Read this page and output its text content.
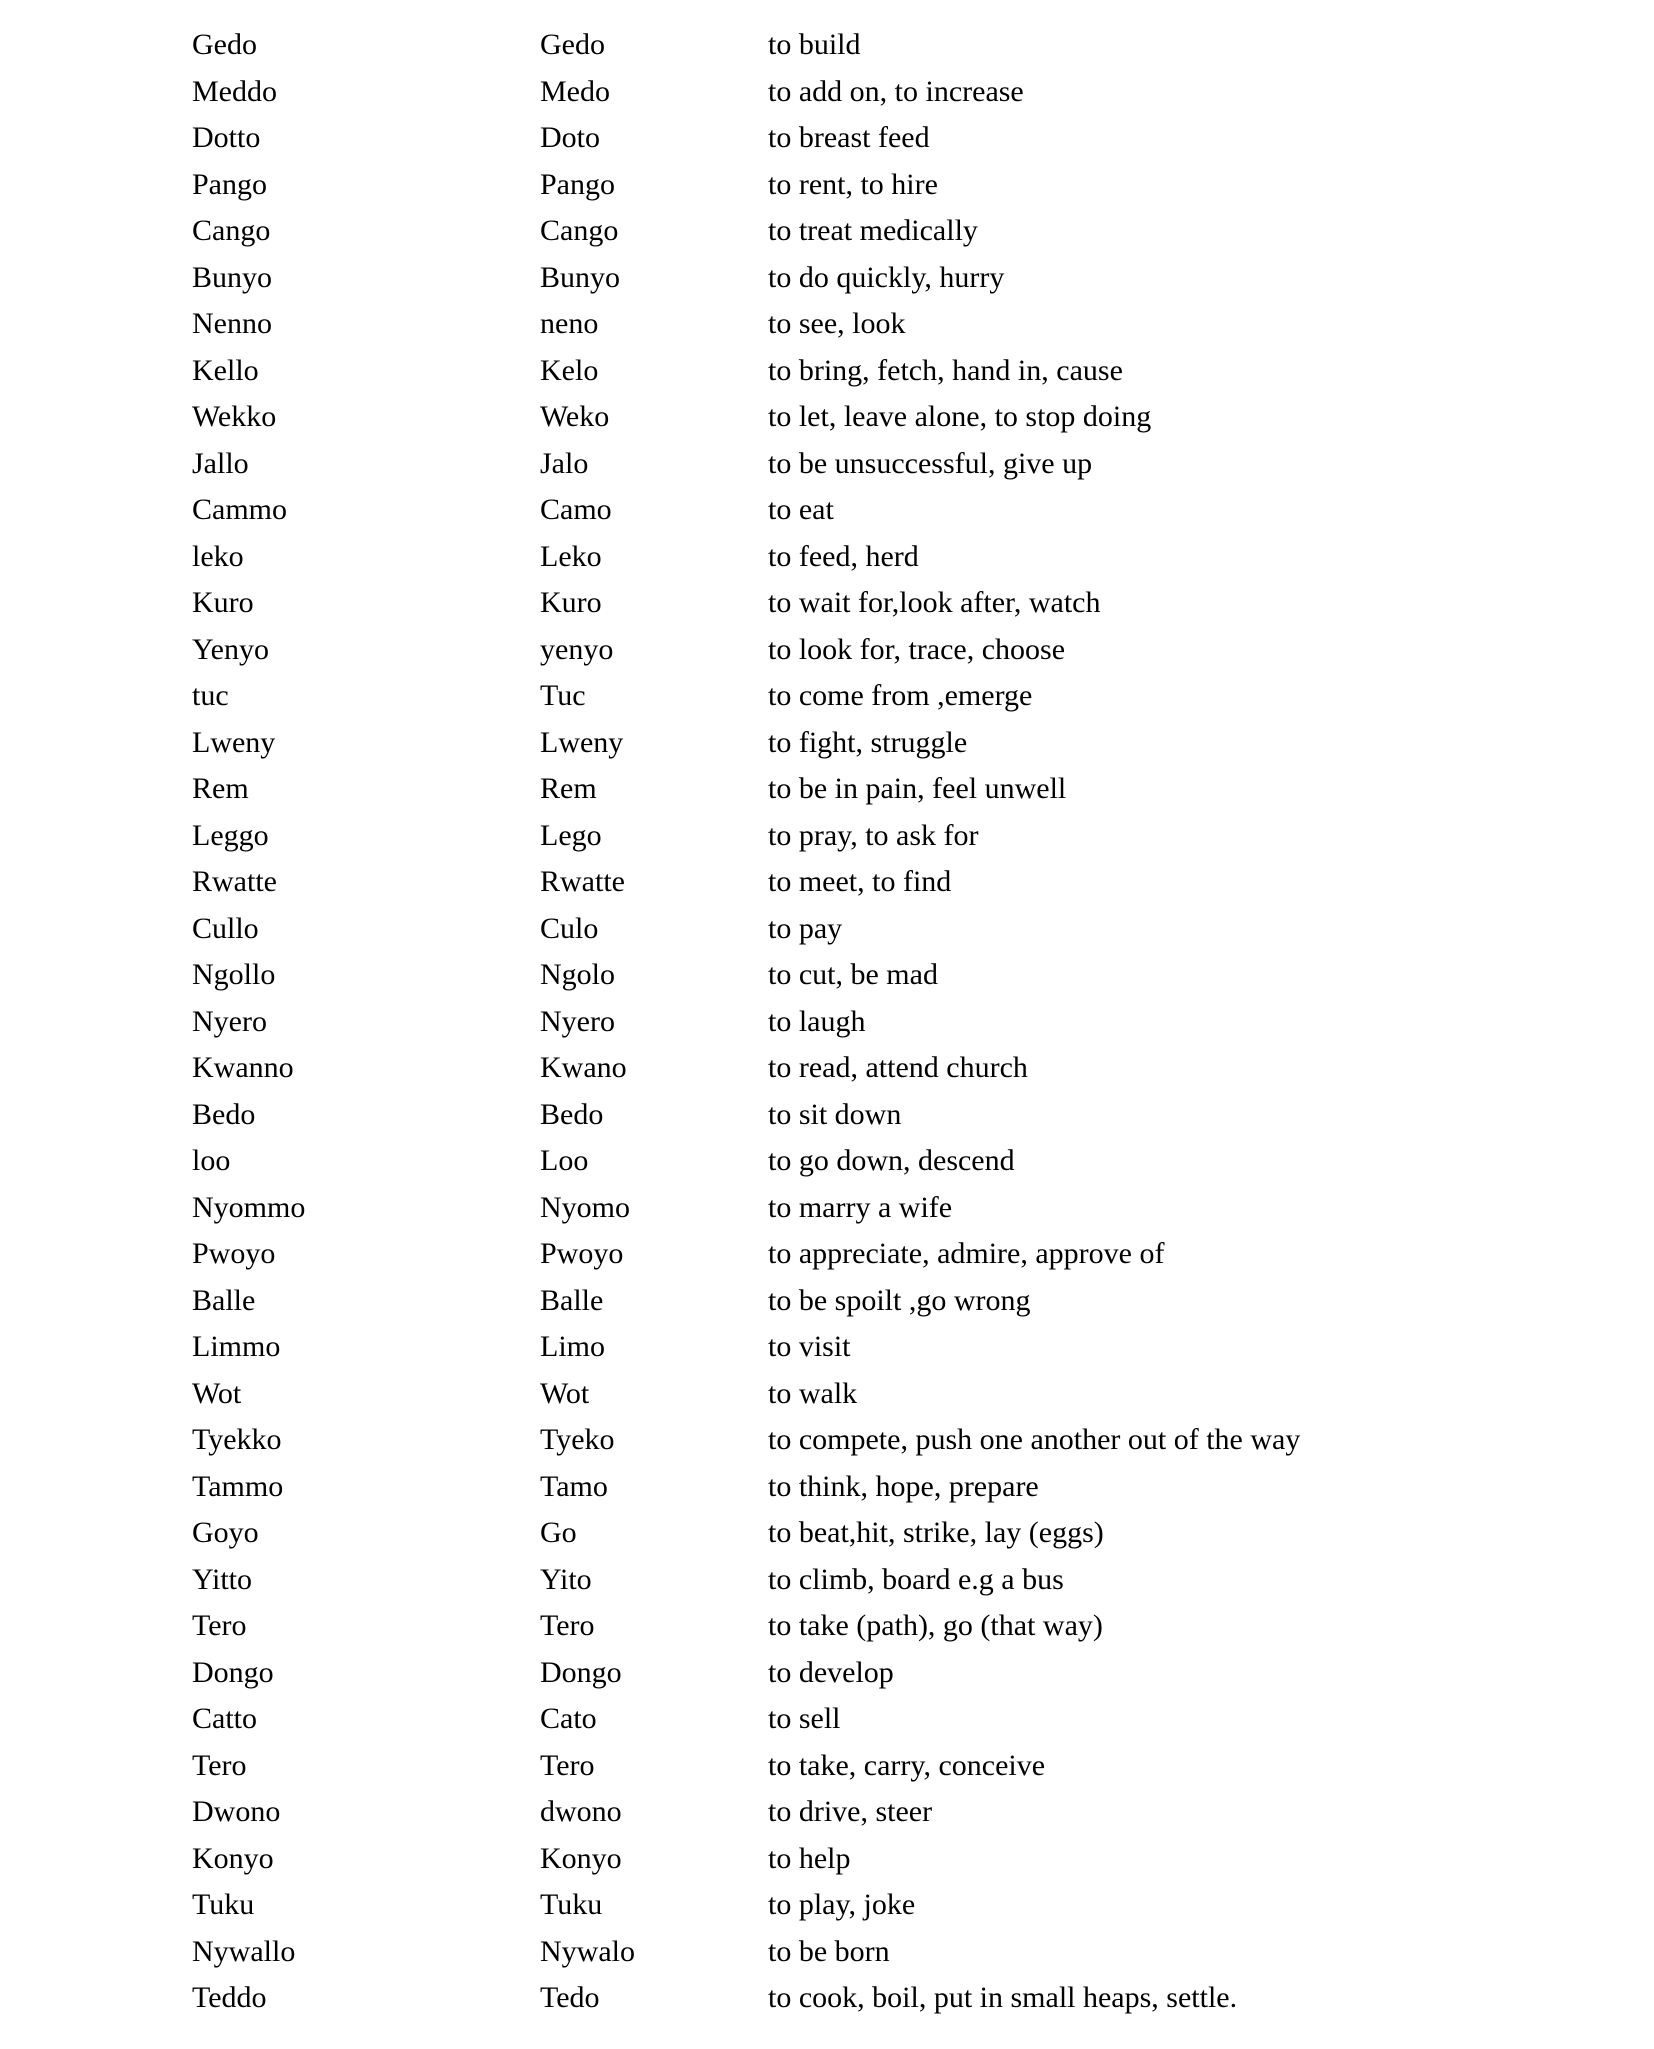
Gedo	Gedo	to build
Meddo	Medo	to add on, to increase
Dotto	Doto	to breast feed
Pango	Pango	to rent, to hire
Cango	Cango	to treat medically
Bunyo	Bunyo	to do quickly, hurry
Nenno	neno	to see, look
Kello	Kelo	to bring, fetch, hand in, cause
Wekko	Weko	to let, leave alone, to stop doing
Jallo	Jalo	to be unsuccessful, give up
Cammo	Camo	to eat
leko	Leko	to feed, herd
Kuro	Kuro	to wait for,look after, watch
Yenyo	yenyo	to look for, trace, choose
tuc	Tuc	to come from ,emerge
Lweny	Lweny	to fight, struggle
Rem	Rem	to be in pain, feel unwell
Leggo	Lego	to pray, to ask for
Rwatte	Rwatte	to meet, to find
Cullo	Culo	to pay
Ngollo	Ngolo	to cut, be mad
Nyero	Nyero	to laugh
Kwanno	Kwano	to read, attend church
Bedo	Bedo	to sit down
loo	Loo	to go down, descend
Nyommo	Nyomo	to marry a wife
Pwoyo	Pwoyo	to appreciate, admire, approve of
Balle	Balle	to be spoilt ,go wrong
Limmo	Limo	to visit
Wot	Wot	to walk
Tyekko	Tyeko	to compete, push one another out of the way
Tammo	Tamo	to think, hope, prepare
Goyo	Go	to beat,hit, strike, lay (eggs)
Yitto	Yito	to climb, board e.g a bus
Tero	Tero	to take (path), go (that way)
Dongo	Dongo	to develop
Catto	Cato	to sell
Tero	Tero	to take, carry, conceive
Dwono	dwono	to drive, steer
Konyo	Konyo	to help
Tuku	Tuku	to play, joke
Nywallo	Nywalo	to be born
Teddo	Tedo	to cook, boil, put in small heaps, settle.
